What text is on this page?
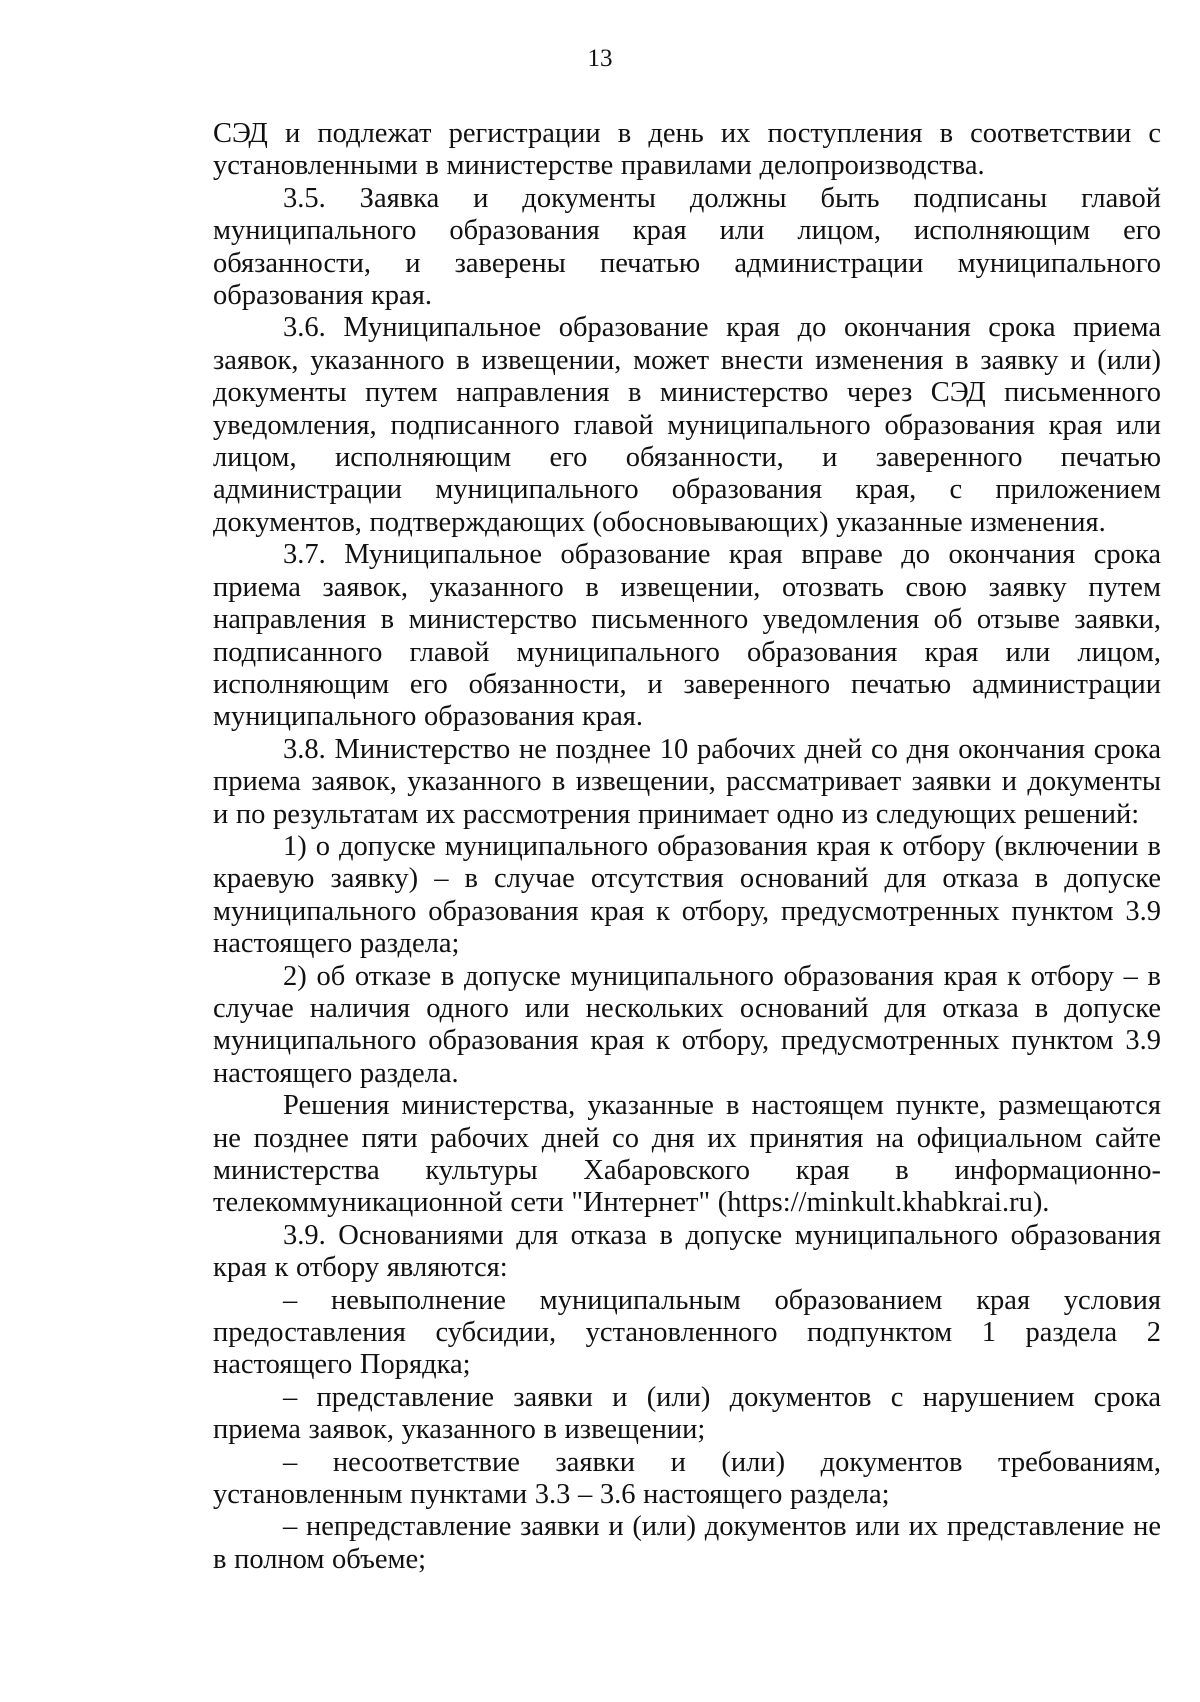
13

СЭД и подлежат регистрации в день их поступления в соответствии с установленными в министерстве правилами делопроизводства.

3.5. Заявка и документы должны быть подписаны главой муниципального образования края или лицом, исполняющим его обязанности, и заверены печатью администрации муниципального образования края.

3.6. Муниципальное образование края до окончания срока приема заявок, указанного в извещении, может внести изменения в заявку и (или) документы путем направления в министерство через СЭД письменного уведомления, подписанного главой муниципального образования края или лицом, исполняющим его обязанности, и заверенного печатью администрации муниципального образования края, с приложением документов, подтверждающих (обосновывающих) указанные изменения.

3.7. Муниципальное образование края вправе до окончания срока приема заявок, указанного в извещении, отозвать свою заявку путем направления в министерство письменного уведомления об отзыве заявки, подписанного главой муниципального образования края или лицом, исполняющим его обязанности, и заверенного печатью администрации муниципального образования края.

3.8. Министерство не позднее 10 рабочих дней со дня окончания срока приема заявок, указанного в извещении, рассматривает заявки и документы и по результатам их рассмотрения принимает одно из следующих решений:

1) о допуске муниципального образования края к отбору (включении в краевую заявку) – в случае отсутствия оснований для отказа в допуске муниципального образования края к отбору, предусмотренных пунктом 3.9 настоящего раздела;

2) об отказе в допуске муниципального образования края к отбору – в случае наличия одного или нескольких оснований для отказа в допуске муниципального образования края к отбору, предусмотренных пунктом 3.9 настоящего раздела.

Решения министерства, указанные в настоящем пункте, размещаются не позднее пяти рабочих дней со дня их принятия на официальном сайте министерства культуры Хабаровского края в информационно-телекоммуникационной сети "Интернет" (https://minkult.khabkrai.ru).

3.9. Основаниями для отказа в допуске муниципального образования края к отбору являются:

– невыполнение муниципальным образованием края условия предоставления субсидии, установленного подпунктом 1 раздела 2 настоящего Порядка;

– представление заявки и (или) документов с нарушением срока приема заявок, указанного в извещении;

– несоответствие заявки и (или) документов требованиям, установленным пунктами 3.3 – 3.6 настоящего раздела;

– непредставление заявки и (или) документов или их представление не в полном объеме;
